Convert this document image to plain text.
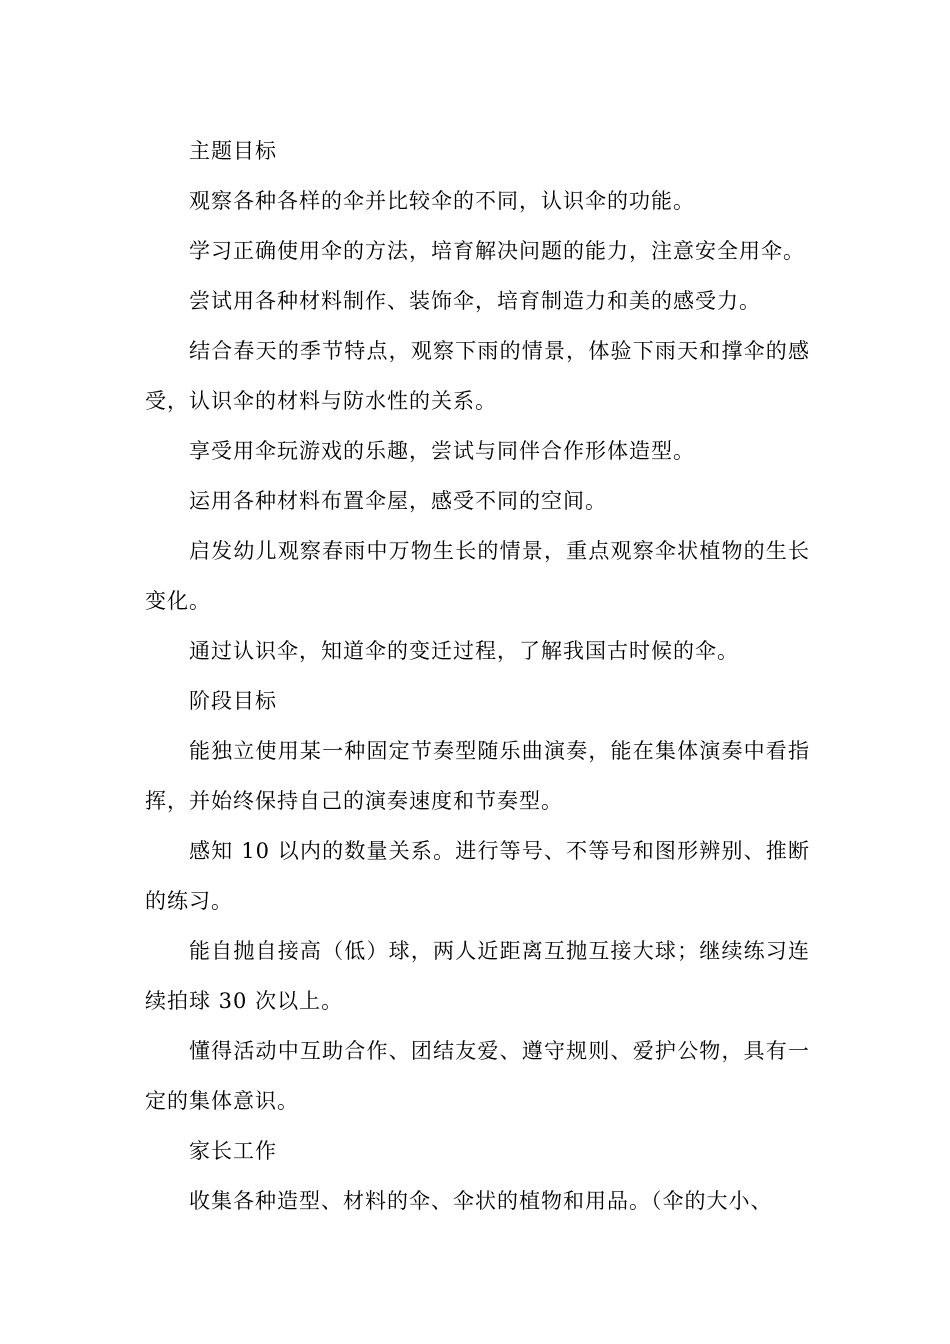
主题目标

观察各种各样的伞并比较伞的不同，认识伞的功能。

学习正确使用伞的方法，培育解决问题的能力，注意安全用伞。

尝试用各种材料制作、装饰伞，培育制造力和美的感受力。

结合春天的季节特点，观察下雨的情景，体验下雨天和撑伞的感受，认识伞的材料与防水性的关系。

享受用伞玩游戏的乐趣，尝试与同伴合作形体造型。

运用各种材料布置伞屋，感受不同的空间。

启发幼儿观察春雨中万物生长的情景，重点观察伞状植物的生长变化。

通过认识伞，知道伞的变迁过程，了解我国古时候的伞。

阶段目标

能独立使用某一种固定节奏型随乐曲演奏，能在集体演奏中看指挥，并始终保持自己的演奏速度和节奏型。

感知 10 以内的数量关系。进行等号、不等号和图形辨别、推断的练习。

能自抛自接高（低）球，两人近距离互抛互接大球；继续练习连续拍球 30 次以上。

懂得活动中互助合作、团结友爱、遵守规则、爱护公物，具有一定的集体意识。

家长工作

收集各种造型、材料的伞、伞状的植物和用品。（伞的大小、
